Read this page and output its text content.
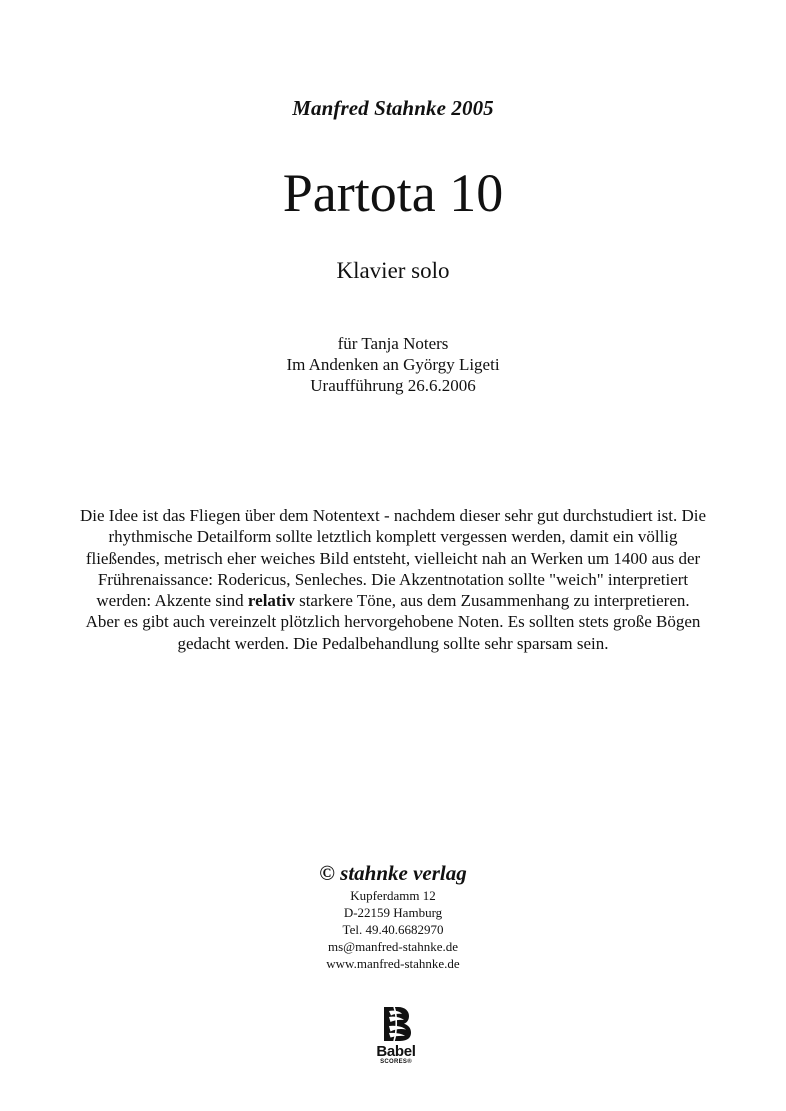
Manfred Stahnke 2005
Partota 10
Klavier solo
für Tanja Noters
Im Andenken an György Ligeti
Uraufführung 26.6.2006
Die Idee ist das Fliegen über dem Notentext - nachdem dieser sehr gut durchstudiert ist. Die rhythmische Detailform sollte letztlich komplett vergessen werden, damit ein völlig fließendes, metrisch eher weiches Bild entsteht, vielleicht nah an Werken um 1400 aus der Frührenaissance: Rodericus, Senleches. Die Akzentnotation sollte "weich" interpretiert werden: Akzente sind relativ starkere Töne, aus dem Zusammenhang zu interpretieren. Aber es gibt auch vereinzelt plötzlich hervorgehobene Noten. Es sollten stets große Bögen gedacht werden. Die Pedalbehandlung sollte sehr sparsam sein.
© stahnke verlag
Kupferdamm 12
D-22159 Hamburg
Tel. 49.40.6682970
ms@manfred-stahnke.de
www.manfred-stahnke.de
Babel
SCORES®
